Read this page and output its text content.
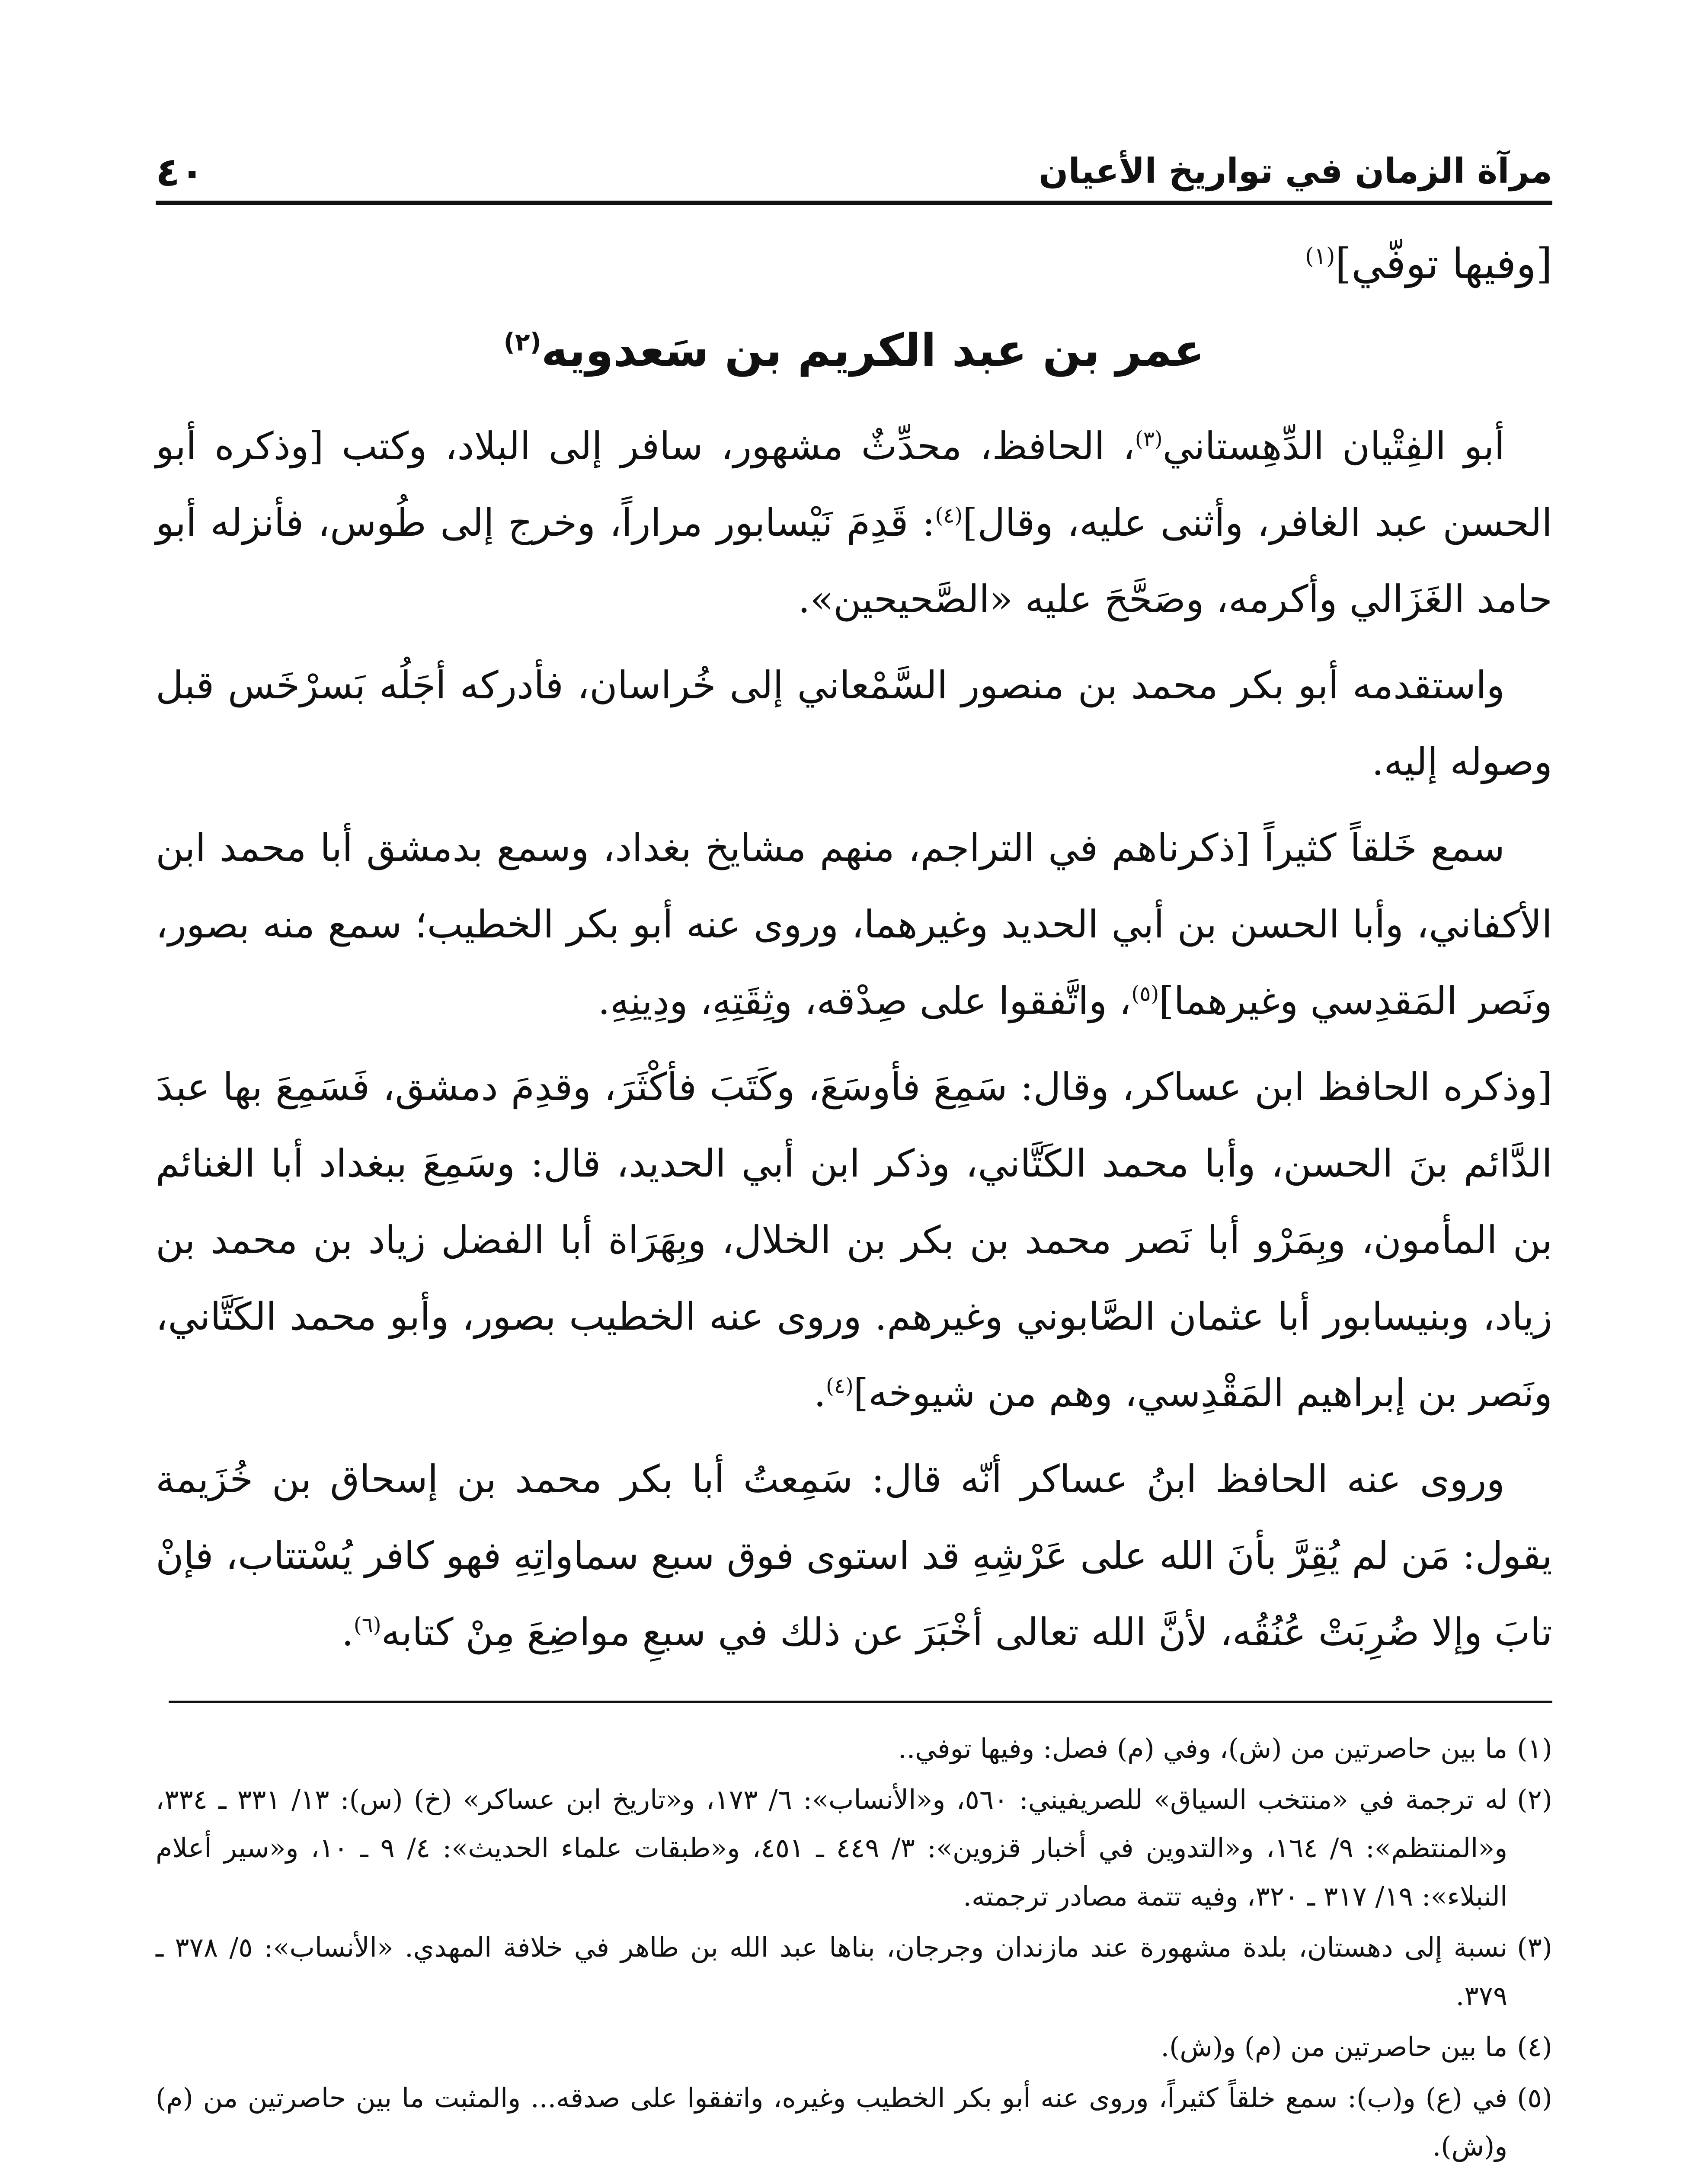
مرآة الزمان في تواريخ الأعيان
٤٠
[وفيها توفّي]$^{(١)}$
عمر بن عبد الكريم بن سَعدويه$^{(٢)}$

أبو الفِتْيان الدِّهِستاني$^{(٣)}$، الحافظ، محدِّثٌ مشهور، سافر إلى البلاد، وكتب [وذكره أبو الحسن عبد الغافر، وأثنى عليه، وقال]$^{(٤)}$: قَدِمَ نَيْسابور مراراً، وخرج إلى طُوس، فأنزله أبو حامد الغَزَالي وأكرمه، وصَحَّحَ عليه «الصَّحيحين».

واستقدمه أبو بكر محمد بن منصور السَّمْعاني إلى خُراسان، فأدركه أجَلُه بَسرْخَس قبل وصوله إليه.

سمع خَلقاً كثيراً [ذكرناهم في التراجم، منهم مشايخ بغداد، وسمع بدمشق أبا محمد ابن الأكفاني، وأبا الحسن بن أبي الحديد وغيرهما، وروى عنه أبو بكر الخطيب؛ سمع منه بصور، ونَصر المَقدِسي وغيرهما]$^{(٥)}$، واتَّفقوا على صِدْقه، وثِقَتِهِ، ودِينِهِ.

[وذكره الحافظ ابن عساكر، وقال: سَمِعَ فأوسَعَ، وكَتَبَ فأكْثَرَ، وقدِمَ دمشق، فَسَمِعَ بها عبدَ الدَّائم بنَ الحسن، وأبا محمد الكَتَّاني، وذكر ابن أبي الحديد، قال: وسَمِعَ ببغداد أبا الغنائم بن المأمون، وبِمَرْو أبا نَصر محمد بن بكر بن الخلال، وبِهَرَاة أبا الفضل زياد بن محمد بن زياد، وبنيسابور أبا عثمان الصَّابوني وغيرهم. وروى عنه الخطيب بصور، وأبو محمد الكَتَّاني، ونَصر بن إبراهيم المَقْدِسي، وهم من شيوخه]$^{(٤)}$.

وروى عنه الحافظ ابنُ عساكر أنّه قال: سَمِعتُ أبا بكر محمد بن إسحاق بن خُزَيمة يقول: مَن لم يُقِرَّ بأنَ الله على عَرْشِهِ قد استوى فوق سبع سماواتِهِ فهو كافر يُسْتتاب، فإنْ تابَ وإلا ضُرِبَتْ عُنُقُه، لأنَّ الله تعالى أخْبَرَ عن ذلك في سبعِ مواضِعَ مِنْ كتابه$^{(٦)}$.

(١)
ما بين حاصرتين من (ش)، وفي (م) فصل: وفيها توفي..
(٢)
له ترجمة في «منتخب السياق» للصريفيني: ٥٦٠، و«الأنساب»: ٦/ ١٧٣، و«تاريخ ابن عساكر» (خ) (س): ١٣/ ٣٣١ ـ ٣٣٤، و«المنتظم»: ٩/ ١٦٤، و«التدوين في أخبار قزوين»: ٣/ ٤٤٩ ـ ٤٥١، و«طبقات علماء الحديث»: ٤/ ٩ ـ ١٠، و«سير أعلام النبلاء»: ١٩/ ٣١٧ ـ ٣٢٠، وفيه تتمة مصادر ترجمته.
(٣)
نسبة إلى دهستان، بلدة مشهورة عند مازندان وجرجان، بناها عبد الله بن طاهر في خلافة المهدي. «الأنساب»: ٥/ ٣٧٨ ـ ٣٧٩.
(٤)
ما بين حاصرتين من (م) و(ش).
(٥)
في (ع) و(ب): سمع خلقاً كثيراً، وروى عنه أبو بكر الخطيب وغيره، واتفقوا على صدقه... والمثبت ما بين حاصرتين من (م) و(ش).
